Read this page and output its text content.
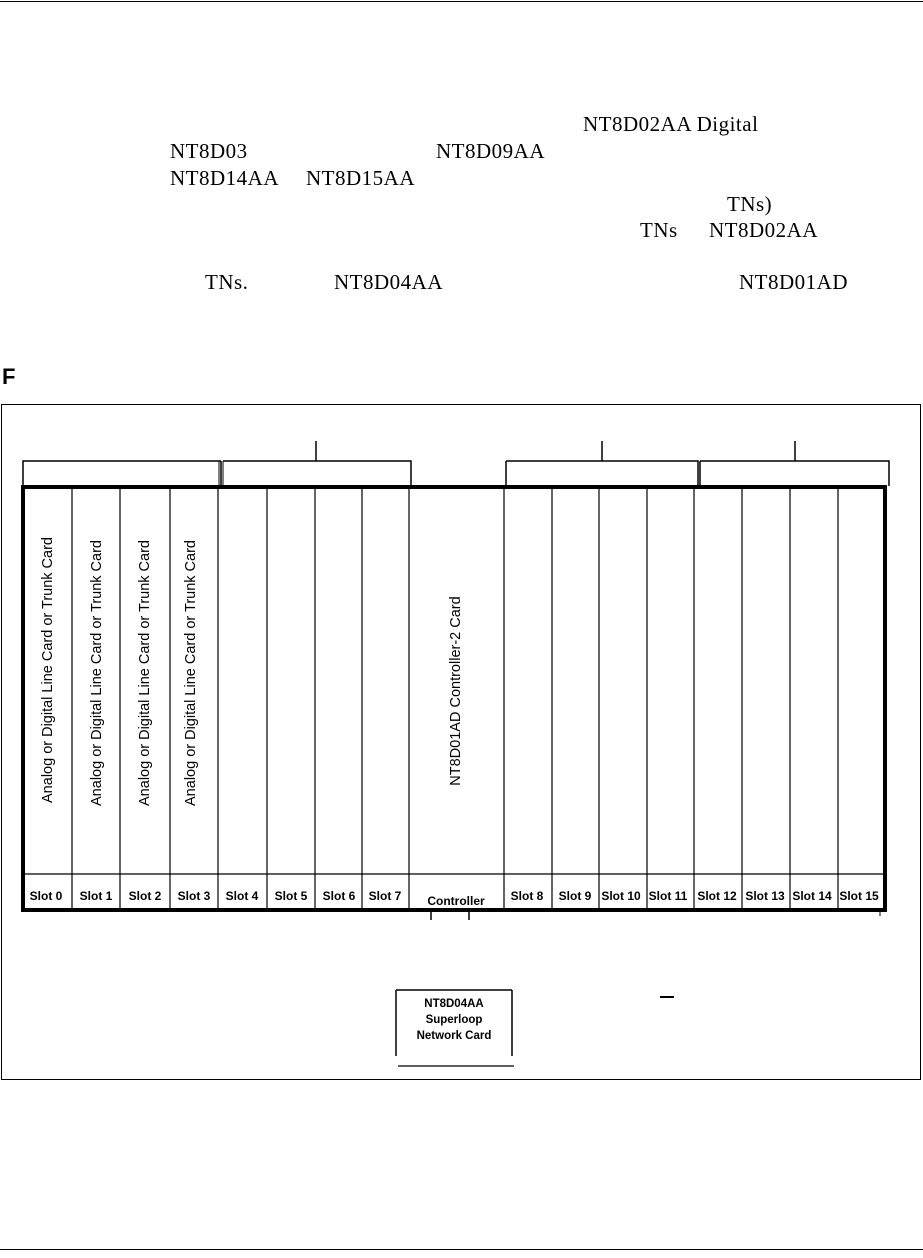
NT8D02AA Digital
NT8D03	NT8D09AA
NT8D14AA NT8D15AA
TNs)
TNs NT8D02AA
TNs.	NT8D04AA	NT8D01AD
F
Analog or Digital Line Card or Trunk Card Analog or Digital Line Card or Trunk Card Analog or Digital Line Card or Trunk Card Analog or Digital Line Card or Trunk Card	NT8D01AD Controller-2 Card
Slot 0 Slot 1 Slot 2 Slot 3 Slot 4 Slot 5 Slot 6 Slot 7 Controller Slot 8 Slot 9 Slot 10 Slot 11 Slot 12 Slot 13 Slot 14 Slot 15
NT8D04AA
Superloop
Network Card
